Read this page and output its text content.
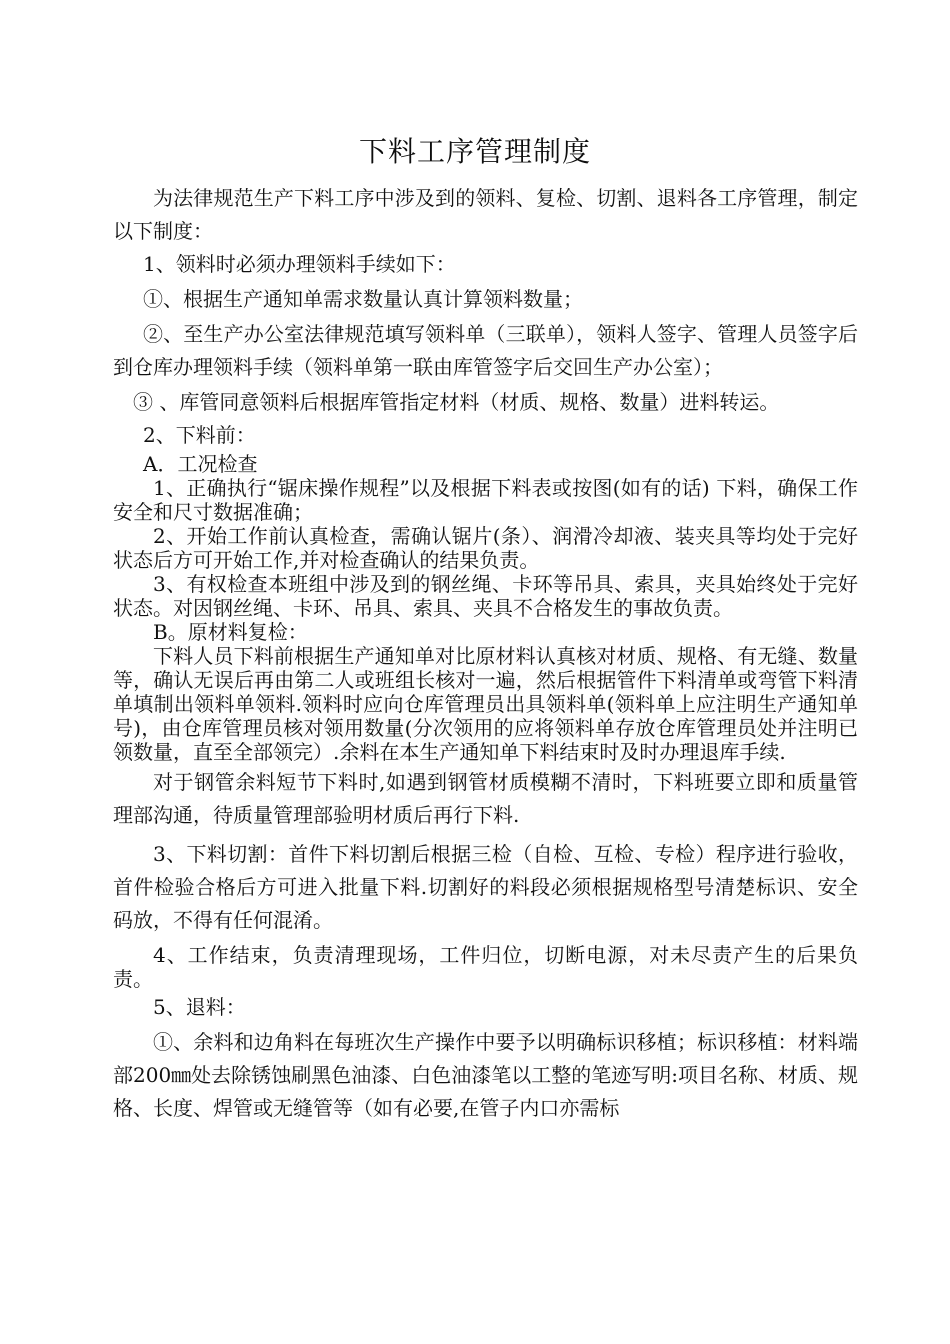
下料工序管理制度

为法律规范生产下料工序中涉及到的领料、复检、切割、退料各工序管理，制定以下制度：

1、领料时必须办理领料手续如下：

①、根据生产通知单需求数量认真计算领料数量；

②、至生产办公室法律规范填写领料单（三联单），领料人签字、管理人员签字后到仓库办理领料手续（领料单第一联由库管签字后交回生产办公室）；

③ 、库管同意领料后根据库管指定材料（材质、规格、数量）进料转运。

2、下料前：

A．工况检查

1、正确执行“锯床操作规程”以及根据下料表或按图(如有的话) 下料，确保工作安全和尺寸数据准确；

2、开始工作前认真检查，需确认锯片(条）、润滑冷却液、装夹具等均处于完好状态后方可开始工作,并对检查确认的结果负责。

3、有权检查本班组中涉及到的钢丝绳、卡环等吊具、索具，夹具始终处于完好状态。对因钢丝绳、卡环、吊具、索具、夹具不合格发生的事故负责。

B。原材料复检：

下料人员下料前根据生产通知单对比原材料认真核对材质、规格、有无缝、数量等，确认无误后再由第二人或班组长核对一遍，然后根据管件下料清单或弯管下料清单填制出领料单领料.领料时应向仓库管理员出具领料单(领料单上应注明生产通知单号)，由仓库管理员核对领用数量(分次领用的应将领料单存放仓库管理员处并注明已领数量，直至全部领完）.余料在本生产通知单下料结束时及时办理退库手续.

对于钢管余料短节下料时,如遇到钢管材质模糊不清时，下料班要立即和质量管理部沟通，待质量管理部验明材质后再行下料.

3、下料切割：首件下料切割后根据三检（自检、互检、专检）程序进行验收，首件检验合格后方可进入批量下料.切割好的料段必须根据规格型号清楚标识、安全码放，不得有任何混淆。

4、工作结束，负责清理现场，工件归位，切断电源，对未尽责产生的后果负责。

5、退料：

①、余料和边角料在每班次生产操作中要予以明确标识移植；标识移植：材料端部200㎜处去除锈蚀刷黑色油漆、白色油漆笔以工整的笔迹写明:项目名称、材质、规格、长度、焊管或无缝管等（如有必要,在管子内口亦需标
